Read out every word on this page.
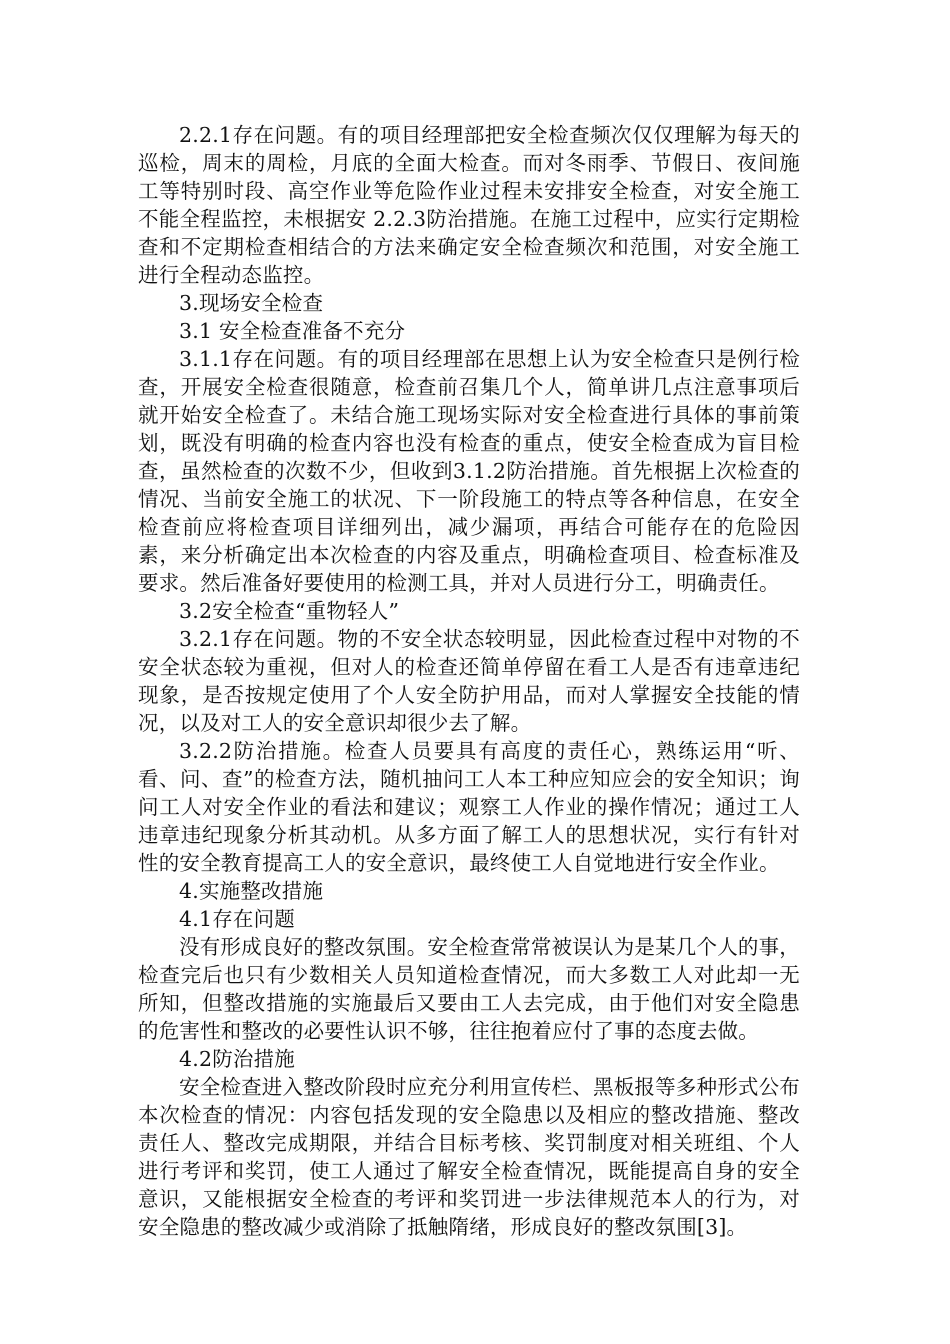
2.2.1存在问题。有的项目经理部把安全检查频次仅仅理解为每天的巡检，周末的周检，月底的全面大检查。而对冬雨季、节假日、夜间施工等特别时段、高空作业等危险作业过程未安排安全检查，对安全施工不能全程监控，未根据安 2.2.3防治措施。在施工过程中，应实行定期检查和不定期检查相结合的方法来确定安全检查频次和范围，对安全施工进行全程动态监控。

3.现场安全检查

3.1 安全检查准备不充分

3.1.1存在问题。有的项目经理部在思想上认为安全检查只是例行检查，开展安全检查很随意，检查前召集几个人，简单讲几点注意事项后就开始安全检查了。未结合施工现场实际对安全检查进行具体的事前策划，既没有明确的检查内容也没有检查的重点，使安全检查成为盲目检查，虽然检查的次数不少，但收到3.1.2防治措施。首先根据上次检查的情况、当前安全施工的状况、下一阶段施工的特点等各种信息，在安全检查前应将检查项目详细列出，减少漏项，再结合可能存在的危险因素，来分析确定出本次检查的内容及重点，明确检查项目、检查标准及要求。然后准备好要使用的检测工具，并对人员进行分工，明确责任。

3.2安全检查“重物轻人”

3.2.1存在问题。物的不安全状态较明显，因此检查过程中对物的不安全状态较为重视，但对人的检查还简单停留在看工人是否有违章违纪现象，是否按规定使用了个人安全防护用品，而对人掌握安全技能的情况，以及对工人的安全意识却很少去了解。

3.2.2防治措施。检查人员要具有高度的责任心，熟练运用“听、看、问、查”的检查方法，随机抽问工人本工种应知应会的安全知识；询问工人对安全作业的看法和建议；观察工人作业的操作情况；通过工人违章违纪现象分析其动机。从多方面了解工人的思想状况，实行有针对性的安全教育提高工人的安全意识，最终使工人自觉地进行安全作业。

4.实施整改措施

4.1存在问题

没有形成良好的整改氛围。安全检查常常被误认为是某几个人的事，检查完后也只有少数相关人员知道检查情况，而大多数工人对此却一无所知，但整改措施的实施最后又要由工人去完成，由于他们对安全隐患的危害性和整改的必要性认识不够，往往抱着应付了事的态度去做。

4.2防治措施

安全检查进入整改阶段时应充分利用宣传栏、黑板报等多种形式公布本次检查的情况：内容包括发现的安全隐患以及相应的整改措施、整改责任人、整改完成期限，并结合目标考核、奖罚制度对相关班组、个人进行考评和奖罚，使工人通过了解安全检查情况，既能提高自身的安全意识，又能根据安全检查的考评和奖罚进一步法律规范本人的行为，对安全隐患的整改减少或消除了抵触隋绪，形成良好的整改氛围[3]。
